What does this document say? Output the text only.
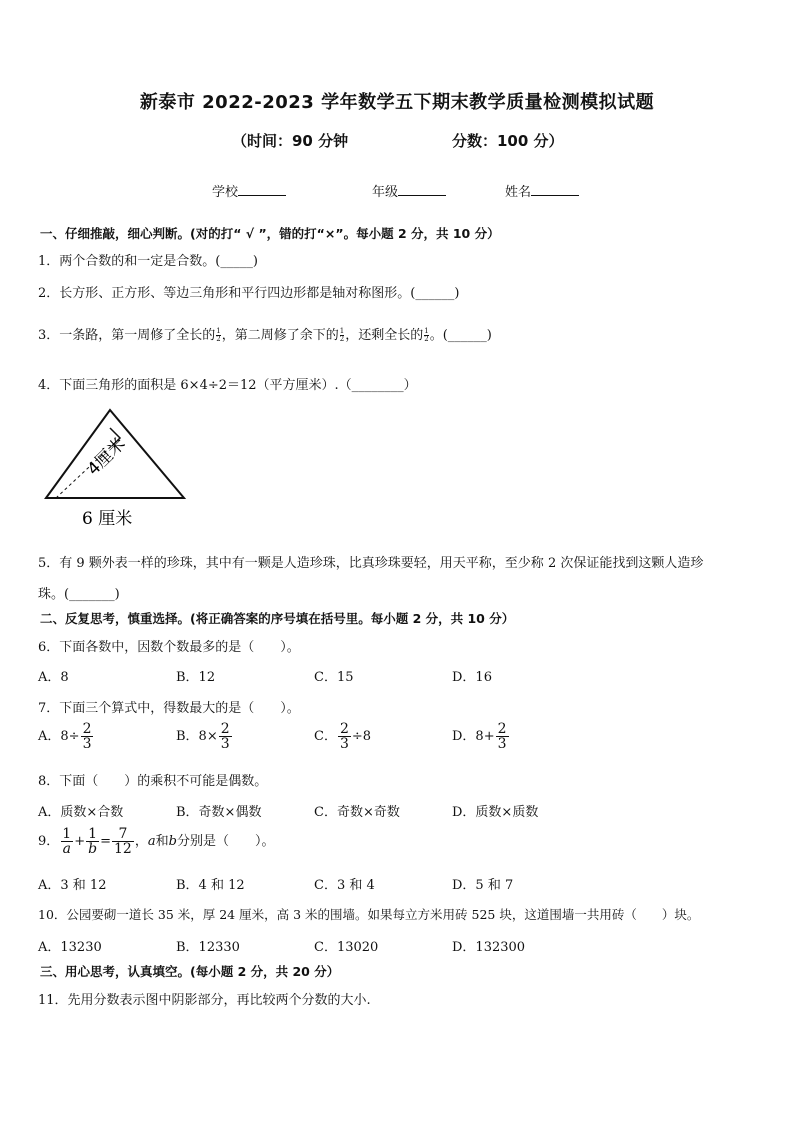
新泰市 2022-2023 学年数学五下期末教学质量检测模拟试题
（时间：90 分钟	分数：100 分）
学校	年级	姓名
一、仔细推敲，细心判断。(对的打“ √ ”，错的打“×”。每小题 2 分，共 10 分）
1．两个合数的和一定是合数。(_____)
2．长方形、正方形、等边三角形和平行四边形都是轴对称图形。(______)
3．一条路，第一周修了全长的 $\frac{1}{2}$ ，第二周修了余下的 $\frac{1}{2}$ ，还剩全长的 $\frac{1}{2}$ 。(______)
4．下面三角形的面积是 6×4÷2＝12（平方厘米）.（________）
4厘米
6 厘米
5．有 9 颗外表一样的珍珠，其中有一颗是人造珍珠，比真珍珠要轻，用天平称，至少称 2 次保证能找到这颗人造珍
珠。(_______)
二、反复思考，慎重选择。(将正确答案的序号填在括号里。每小题 2 分，共 10 分）
6．下面各数中，因数个数最多的是（　　）。
A．8	B．12	C．15	D．16
7．下面三个算式中，得数最大的是（　　）。
A．$8\div \frac{2}{3}$	B．$8\times \frac{2}{3}$	C． $\frac{2}{3} \div 8$	D．$8+ \frac{2}{3}$
8．下面（　　）的乘积不可能是偶数。
A．质数×合数	B．奇数×偶数	C．奇数×奇数	D．质数×质数
9． $\frac{1}{a} + \frac{1}{b} = \frac{7}{12}$ ，a和b分别是（　　）。
A．3 和 12	B．4 和 12	C．3 和 4	D．5 和 7
10．公园要砌一道长 35 米，厚 24 厘米，高 3 米的围墙。如果每立方米用砖 525 块，这道围墙一共用砖（　　）块。
A．13230	B．12330	C．13020	D．132300
三、用心思考，认真填空。(每小题 2 分，共 20 分）
11．先用分数表示图中阴影部分，再比较两个分数的大小.
